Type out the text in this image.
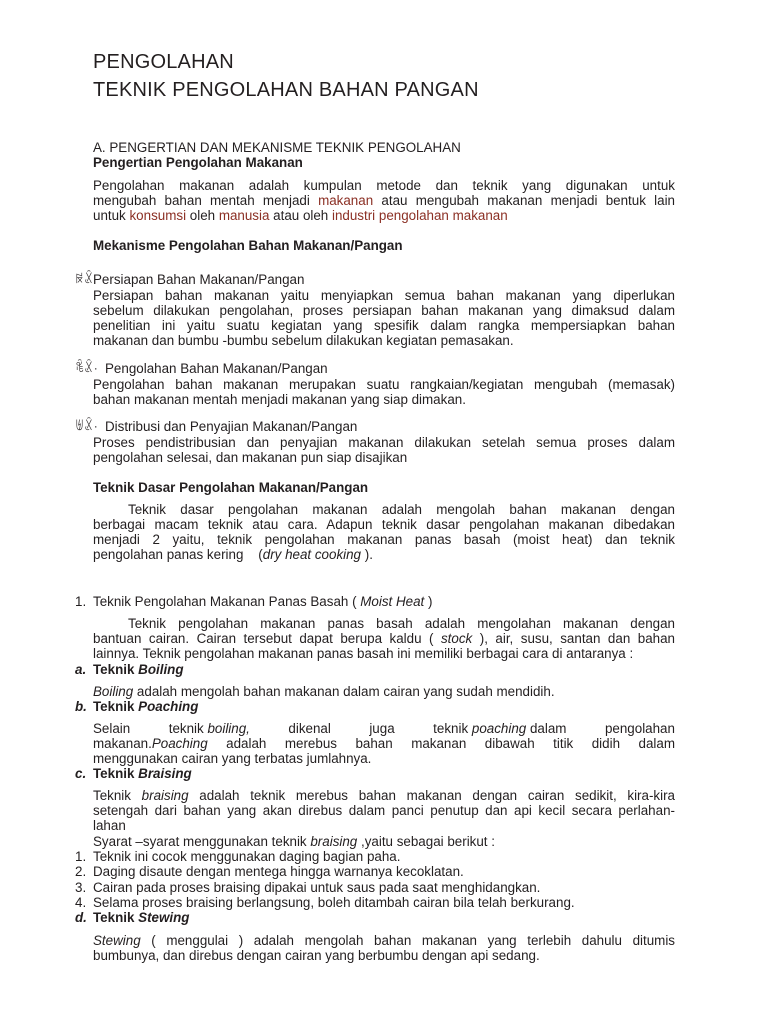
PENGOLAHAN
TEKNIK PENGOLAHAN BAHAN PANGAN
A. PENGERTIAN DAN MEKANISME TEKNIK PENGOLAHAN
Pengertian Pengolahan Makanan
Pengolahan makanan adalah kumpulan metode dan teknik yang digunakan untuk
mengubah bahan mentah menjadi makanan atau mengubah makanan menjadi bentuk lain
untuk konsumsi oleh manusia atau oleh industri pengolahan makanan
Mekanisme Pengolahan Bahan Makanan/Pangan
ꊡꊩ Persiapan Bahan Makanan/Pangan
Persiapan bahan makanan yaitu menyiapkan semua bahan makanan yang diperlukan
sebelum dilakukan pengolahan, proses persiapan bahan makanan yang dimaksud dalam
penelitian ini yaitu suatu kegiatan yang spesifik dalam rangka mempersiapkan bahan
makanan dan bumbu -bumbu sebelum dilakukan kegiatan pemasakan.
ꄕꊩ· Pengolahan Bahan Makanan/Pangan
Pengolahan bahan makanan merupakan suatu rangkaian/kegiatan mengubah (memasak)
bahan makanan mentah menjadi makanan yang siap dimakan.
ꉅꊩ· Distribusi dan Penyajian Makanan/Pangan
Proses pendistribusian dan penyajian makanan dilakukan setelah semua proses dalam
pengolahan selesai, dan makanan pun siap disajikan
Teknik Dasar Pengolahan Makanan/Pangan
Teknik dasar pengolahan makanan adalah mengolah bahan makanan dengan
berbagai macam teknik atau cara. Adapun teknik dasar pengolahan makanan dibedakan
menjadi 2 yaitu, teknik pengolahan makanan panas basah (moist heat) dan teknik
pengolahan panas kering    (dry heat cooking ).
1. Teknik Pengolahan Makanan Panas Basah ( Moist Heat )
Teknik pengolahan makanan panas basah adalah mengolahan makanan dengan
bantuan cairan. Cairan tersebut dapat berupa kaldu ( stock ), air, susu, santan dan bahan
lainnya. Teknik pengolahan makanan panas basah ini memiliki berbagai cara di antaranya :
a. Teknik Boiling
Boiling adalah mengolah bahan makanan dalam cairan yang sudah mendidih.
b. Teknik Poaching
Selain	teknik boiling,	dikenal	juga	teknik poaching dalam	pengolahan
makanan.Poaching adalah merebus bahan makanan dibawah titik didih dalam
menggunakan cairan yang terbatas jumlahnya.
c. Teknik Braising
Teknik braising adalah teknik merebus bahan makanan dengan cairan sedikit, kira-kira
setengah dari bahan yang akan direbus dalam panci penutup dan api kecil secara perlahan-
lahan
Syarat –syarat menggunakan teknik braising ,yaitu sebagai berikut :
1. Teknik ini cocok menggunakan daging bagian paha.
2. Daging disaute dengan mentega hingga warnanya kecoklatan.
3. Cairan pada proses braising dipakai untuk saus pada saat menghidangkan.
4. Selama proses braising berlangsung, boleh ditambah cairan bila telah berkurang.
d. Teknik Stewing
Stewing ( menggulai ) adalah mengolah bahan makanan yang terlebih dahulu ditumis
bumbunya, dan direbus dengan cairan yang berbumbu dengan api sedang.
